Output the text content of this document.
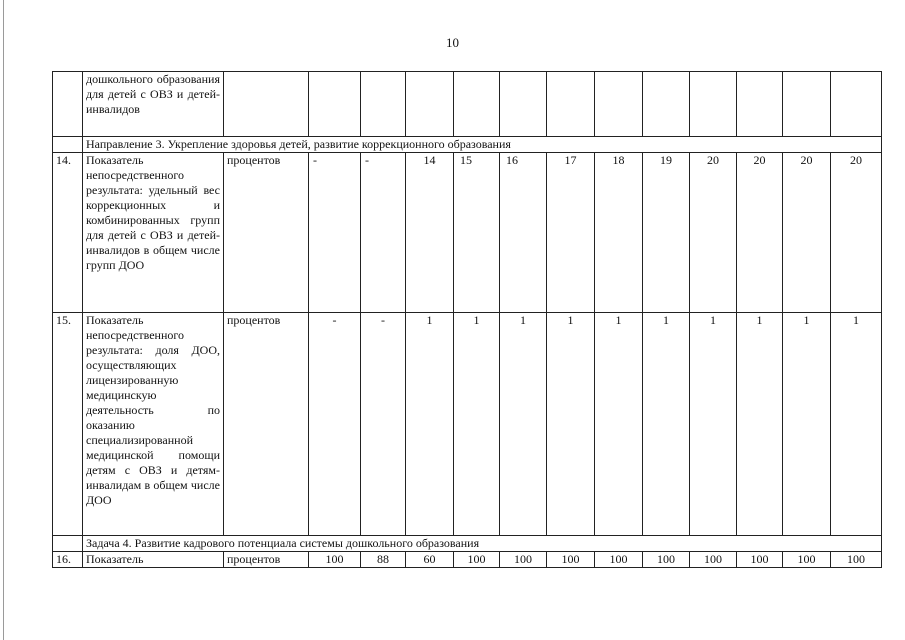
10
	дошкольного образования для детей с ОВЗ и детей-инвалидов													
	Направление 3. Укрепление здоровья детей, развитие коррекционного образования													
14.	Показатель непосредственного результата: удельный вес коррекционных и комбинированных групп для детей с ОВЗ и детей-инвалидов в общем числе групп ДОО	процентов	-	-	14	15	16	17	18	19	20	20	20	20
15.	Показатель непосредственного результата: доля ДОО, осуществляющих лицензированную медицинскую деятельность по оказанию специализированной медицинской помощи детям с ОВЗ и детям-инвалидам в общем числе ДОО	процентов	-	-	1	1	1	1	1	1	1	1	1	1
	Задача 4. Развитие кадрового потенциала системы дошкольного образования													
16.	Показатель	процентов	100	88	60	100	100	100	100	100	100	100	100	100
